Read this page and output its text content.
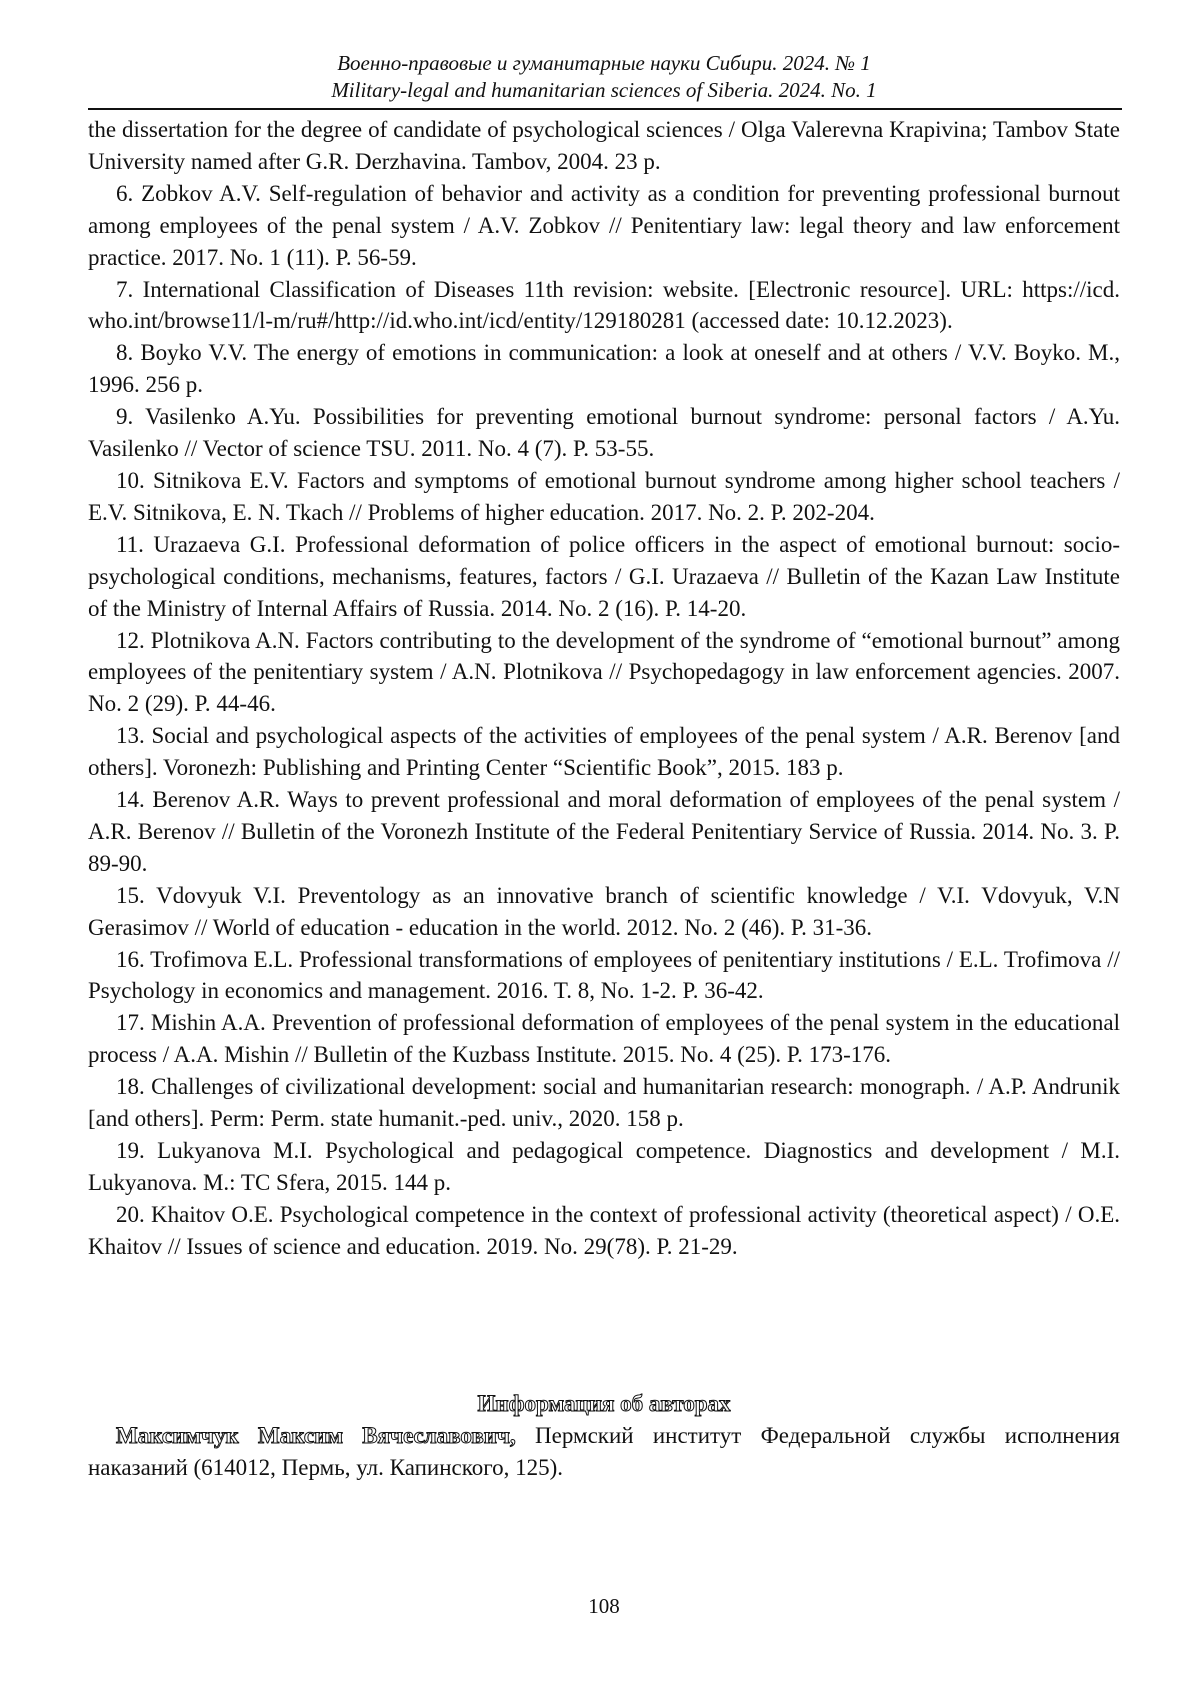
Военно-правовые и гуманитарные науки Сибири. 2024. № 1
Military-legal and humanitarian sciences of Siberia. 2024. No. 1

the dissertation for the degree of candidate of psychological sciences / Olga Valerevna Krapivina; Tambov State University named after G.R. Derzhavina. Tambov, 2004. 23 p.

6. Zobkov A.V. Self-regulation of behavior and activity as a condition for preventing professional burnout among employees of the penal system / A.V. Zobkov // Penitentiary law: legal theory and law enforcement practice. 2017. No. 1 (11). P. 56-59.

7. International Classification of Diseases 11th revision: website. [Electronic resource]. URL: https://icd. who.int/browse11/l-m/ru#/http://id.who.int/icd/entity/129180281 (accessed date: 10.12.2023).

8. Boyko V.V. The energy of emotions in communication: a look at oneself and at others / V.V. Boyko. M., 1996. 256 p.

9. Vasilenko A.Yu. Possibilities for preventing emotional burnout syndrome: personal factors / A.Yu. Vasilenko // Vector of science TSU. 2011. No. 4 (7). P. 53-55.

10. Sitnikova E.V. Factors and symptoms of emotional burnout syndrome among higher school teachers / E.V. Sitnikova, E. N. Tkach // Problems of higher education. 2017. No. 2. P. 202-204.

11. Urazaeva G.I. Professional deformation of police officers in the aspect of emotional burnout: socio-psychological conditions, mechanisms, features, factors / G.I. Urazaeva // Bulletin of the Kazan Law Institute of the Ministry of Internal Affairs of Russia. 2014. No. 2 (16). P. 14-20.

12. Plotnikova A.N. Factors contributing to the development of the syndrome of “emotional burnout” among employees of the penitentiary system / A.N. Plotnikova // Psychopedagogy in law enforcement agencies. 2007. No. 2 (29). P. 44-46.

13. Social and psychological aspects of the activities of employees of the penal system / A.R. Berenov [and others]. Voronezh: Publishing and Printing Center “Scientific Book”, 2015. 183 p.

14. Berenov A.R. Ways to prevent professional and moral deformation of employees of the penal system / A.R. Berenov // Bulletin of the Voronezh Institute of the Federal Penitentiary Service of Russia. 2014. No. 3. P. 89-90.

15. Vdovyuk V.I. Preventology as an innovative branch of scientific knowledge / V.I. Vdovyuk, V.N Gerasimov // World of education - education in the world. 2012. No. 2 (46). P. 31-36.

16. Trofimova E.L. Professional transformations of employees of penitentiary institutions / E.L. Trofimova // Psychology in economics and management. 2016. T. 8, No. 1-2. P. 36-42.

17. Mishin A.A. Prevention of professional deformation of employees of the penal system in the educational process / A.A. Mishin // Bulletin of the Kuzbass Institute. 2015. No. 4 (25). P. 173-176.

18. Challenges of civilizational development: social and humanitarian research: monograph. / A.P. Andrunik [and others]. Perm: Perm. state humanit.-ped. univ., 2020. 158 p.

19. Lukyanova M.I. Psychological and pedagogical competence. Diagnostics and development / M.I. Lukyanova. M.: TC Sfera, 2015. 144 p.

20. Khaitov O.E. Psychological competence in the context of professional activity (theoretical aspect) / O.E. Khaitov // Issues of science and education. 2019. No. 29(78). P. 21-29.

Информация об авторах

Максимчук Максим Вячеславович, Пермский институт Федеральной службы исполнения наказаний (614012, Пермь, ул. Капинского, 125).

108
